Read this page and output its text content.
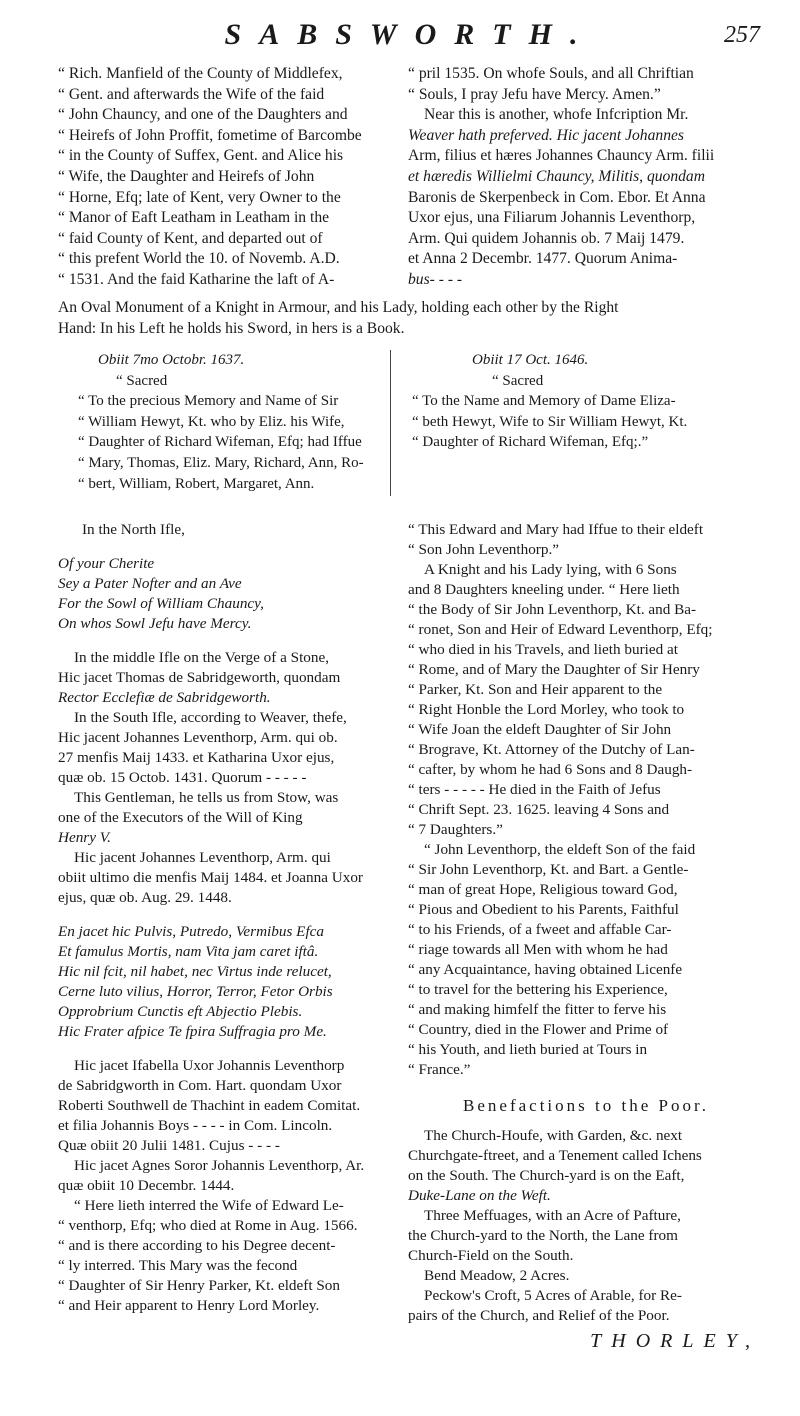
SABSWORTH.	257

“ Rich. Manfield of the County of Middlefex,

“ Gent. and afterwards the Wife of the faid

“ John Chauncy, and one of the Daughters and

“ Heirefs of John Proffit, fometime of Barcombe

“ in the County of Suffex, Gent. and Alice his

“ Wife, the Daughter and Heirefs of John

“ Horne, Efq; late of Kent, very Owner to the

“ Manor of Eaft Leatham in Leatham in the

“ faid County of Kent, and departed out of

“ this prefent World the 10. of Novemb. A.D.

“ 1531. And the faid Katharine the laft of A-

“ pril 1535. On whofe Souls, and all Chriftian

“ Souls, I pray Jefu have Mercy. Amen.”

Near this is another, whofe Infcription Mr.

Weaver hath preferved. Hic jacent Johannes

Arm, filius et hæres Johannes Chauncy Arm. filii

et hæredis Willielmi Chauncy, Militis, quondam

Baronis de Skerpenbeck in Com. Ebor. Et Anna

Uxor ejus, una Filiarum Johannis Leventhorp,

Arm. Qui quidem Johannis ob. 7 Maij 1479.

et Anna 2 Decembr. 1477. Quorum Anima-

bus- - - -

An Oval Monument of a Knight in Armour, and his Lady, holding each other by the Right

Hand: In his Left he holds his Sword, in hers is a Book.

Obiit 7mo Octobr. 1637.

“ Sacred

“ To the precious Memory and Name of Sir

“ William Hewyt, Kt. who by Eliz. his Wife,

“ Daughter of Richard Wifeman, Efq; had Iffue

“ Mary, Thomas, Eliz. Mary, Richard, Ann, Ro-

“ bert, William, Robert, Margaret, Ann.

Obiit 17 Oct. 1646.

“ Sacred

“ To the Name and Memory of Dame Eliza-

“ beth Hewyt, Wife to Sir William Hewyt, Kt.

“ Daughter of Richard Wifeman, Efq;.”

In the North Ifle,

Of your Cherite

Sey a Pater Nofter and an Ave

For the Sowl of William Chauncy,

On whos Sowl Jefu have Mercy.

In the middle Ifle on the Verge of a Stone,

Hic jacet Thomas de Sabridgeworth, quondam

Rector Ecclefiæ de Sabridgeworth.

In the South Ifle, according to Weaver, thefe,

Hic jacent Johannes Leventhorp, Arm. qui ob.

27 menfis Maij 1433. et Katharina Uxor ejus,

quæ ob. 15 Octob. 1431. Quorum - - - - -

This Gentleman, he tells us from Stow, was

one of the Executors of the Will of King

Henry V.

Hic jacent Johannes Leventhorp, Arm. qui

obiit ultimo die menfis Maij 1484. et Joanna Uxor

ejus, quæ ob. Aug. 29. 1448.

En jacet hic Pulvis, Putredo, Vermibus Efca

Et famulus Mortis, nam Vita jam caret iftâ.

Hic nil fcit, nil habet, nec Virtus inde relucet,

Cerne luto vilius, Horror, Terror, Fetor Orbis

Opprobrium Cunctis eft Abjectio Plebis.

Hic Frater afpice Te fpira Suffragia pro Me.

Hic jacet Ifabella Uxor Johannis Leventhorp

de Sabridgworth in Com. Hart. quondam Uxor

Roberti Southwell de Thachint in eadem Comitat.

et filia Johannis Boys - - - - in Com. Lincoln.

Quæ obiit 20 Julii 1481. Cujus - - - -

Hic jacet Agnes Soror Johannis Leventhorp, Ar.

quæ obiit 10 Decembr. 1444.

“ Here lieth interred the Wife of Edward Le-

“ venthorp, Efq; who died at Rome in Aug. 1566.

“ and is there according to his Degree decent-

“ ly interred. This Mary was the fecond

“ Daughter of Sir Henry Parker, Kt. eldeft Son

“ and Heir apparent to Henry Lord Morley.

“ This Edward and Mary had Iffue to their eldeft

“ Son John Leventhorp.”

A Knight and his Lady lying, with 6 Sons

and 8 Daughters kneeling under. “ Here lieth

“ the Body of Sir John Leventhorp, Kt. and Ba-

“ ronet, Son and Heir of Edward Leventhorp, Efq;

“ who died in his Travels, and lieth buried at

“ Rome, and of Mary the Daughter of Sir Henry

“ Parker, Kt. Son and Heir apparent to the

“ Right Honble the Lord Morley, who took to

“ Wife Joan the eldeft Daughter of Sir John

“ Brograve, Kt. Attorney of the Dutchy of Lan-

“ cafter, by whom he had 6 Sons and 8 Daugh-

“ ters - - - - - He died in the Faith of Jefus

“ Chrift Sept. 23. 1625. leaving 4 Sons and

“ 7 Daughters.”

“ John Leventhorp, the eldeft Son of the faid

“ Sir John Leventhorp, Kt. and Bart. a Gentle-

“ man of great Hope, Religious toward God,

“ Pious and Obedient to his Parents, Faithful

“ to his Friends, of a fweet and affable Car-

“ riage towards all Men with whom he had

“ any Acquaintance, having obtained Licenfe

“ to travel for the bettering his Experience,

“ and making himfelf the fitter to ferve his

“ Country, died in the Flower and Prime of

“ his Youth, and lieth buried at Tours in

“ France.”

Benefactions to the Poor.

The Church-Houfe, with Garden, &c. next

Churchgate-ftreet, and a Tenement called Ichens

on the South. The Church-yard is on the Eaft,

Duke-Lane on the Weft.

Three Meffuages, with an Acre of Pafture,

the Church-yard to the North, the Lane from

Church-Field on the South.

Bend Meadow, 2 Acres.

Peckow's Croft, 5 Acres of Arable, for Re-

pairs of the Church, and Relief of the Poor.

THORLEY,
